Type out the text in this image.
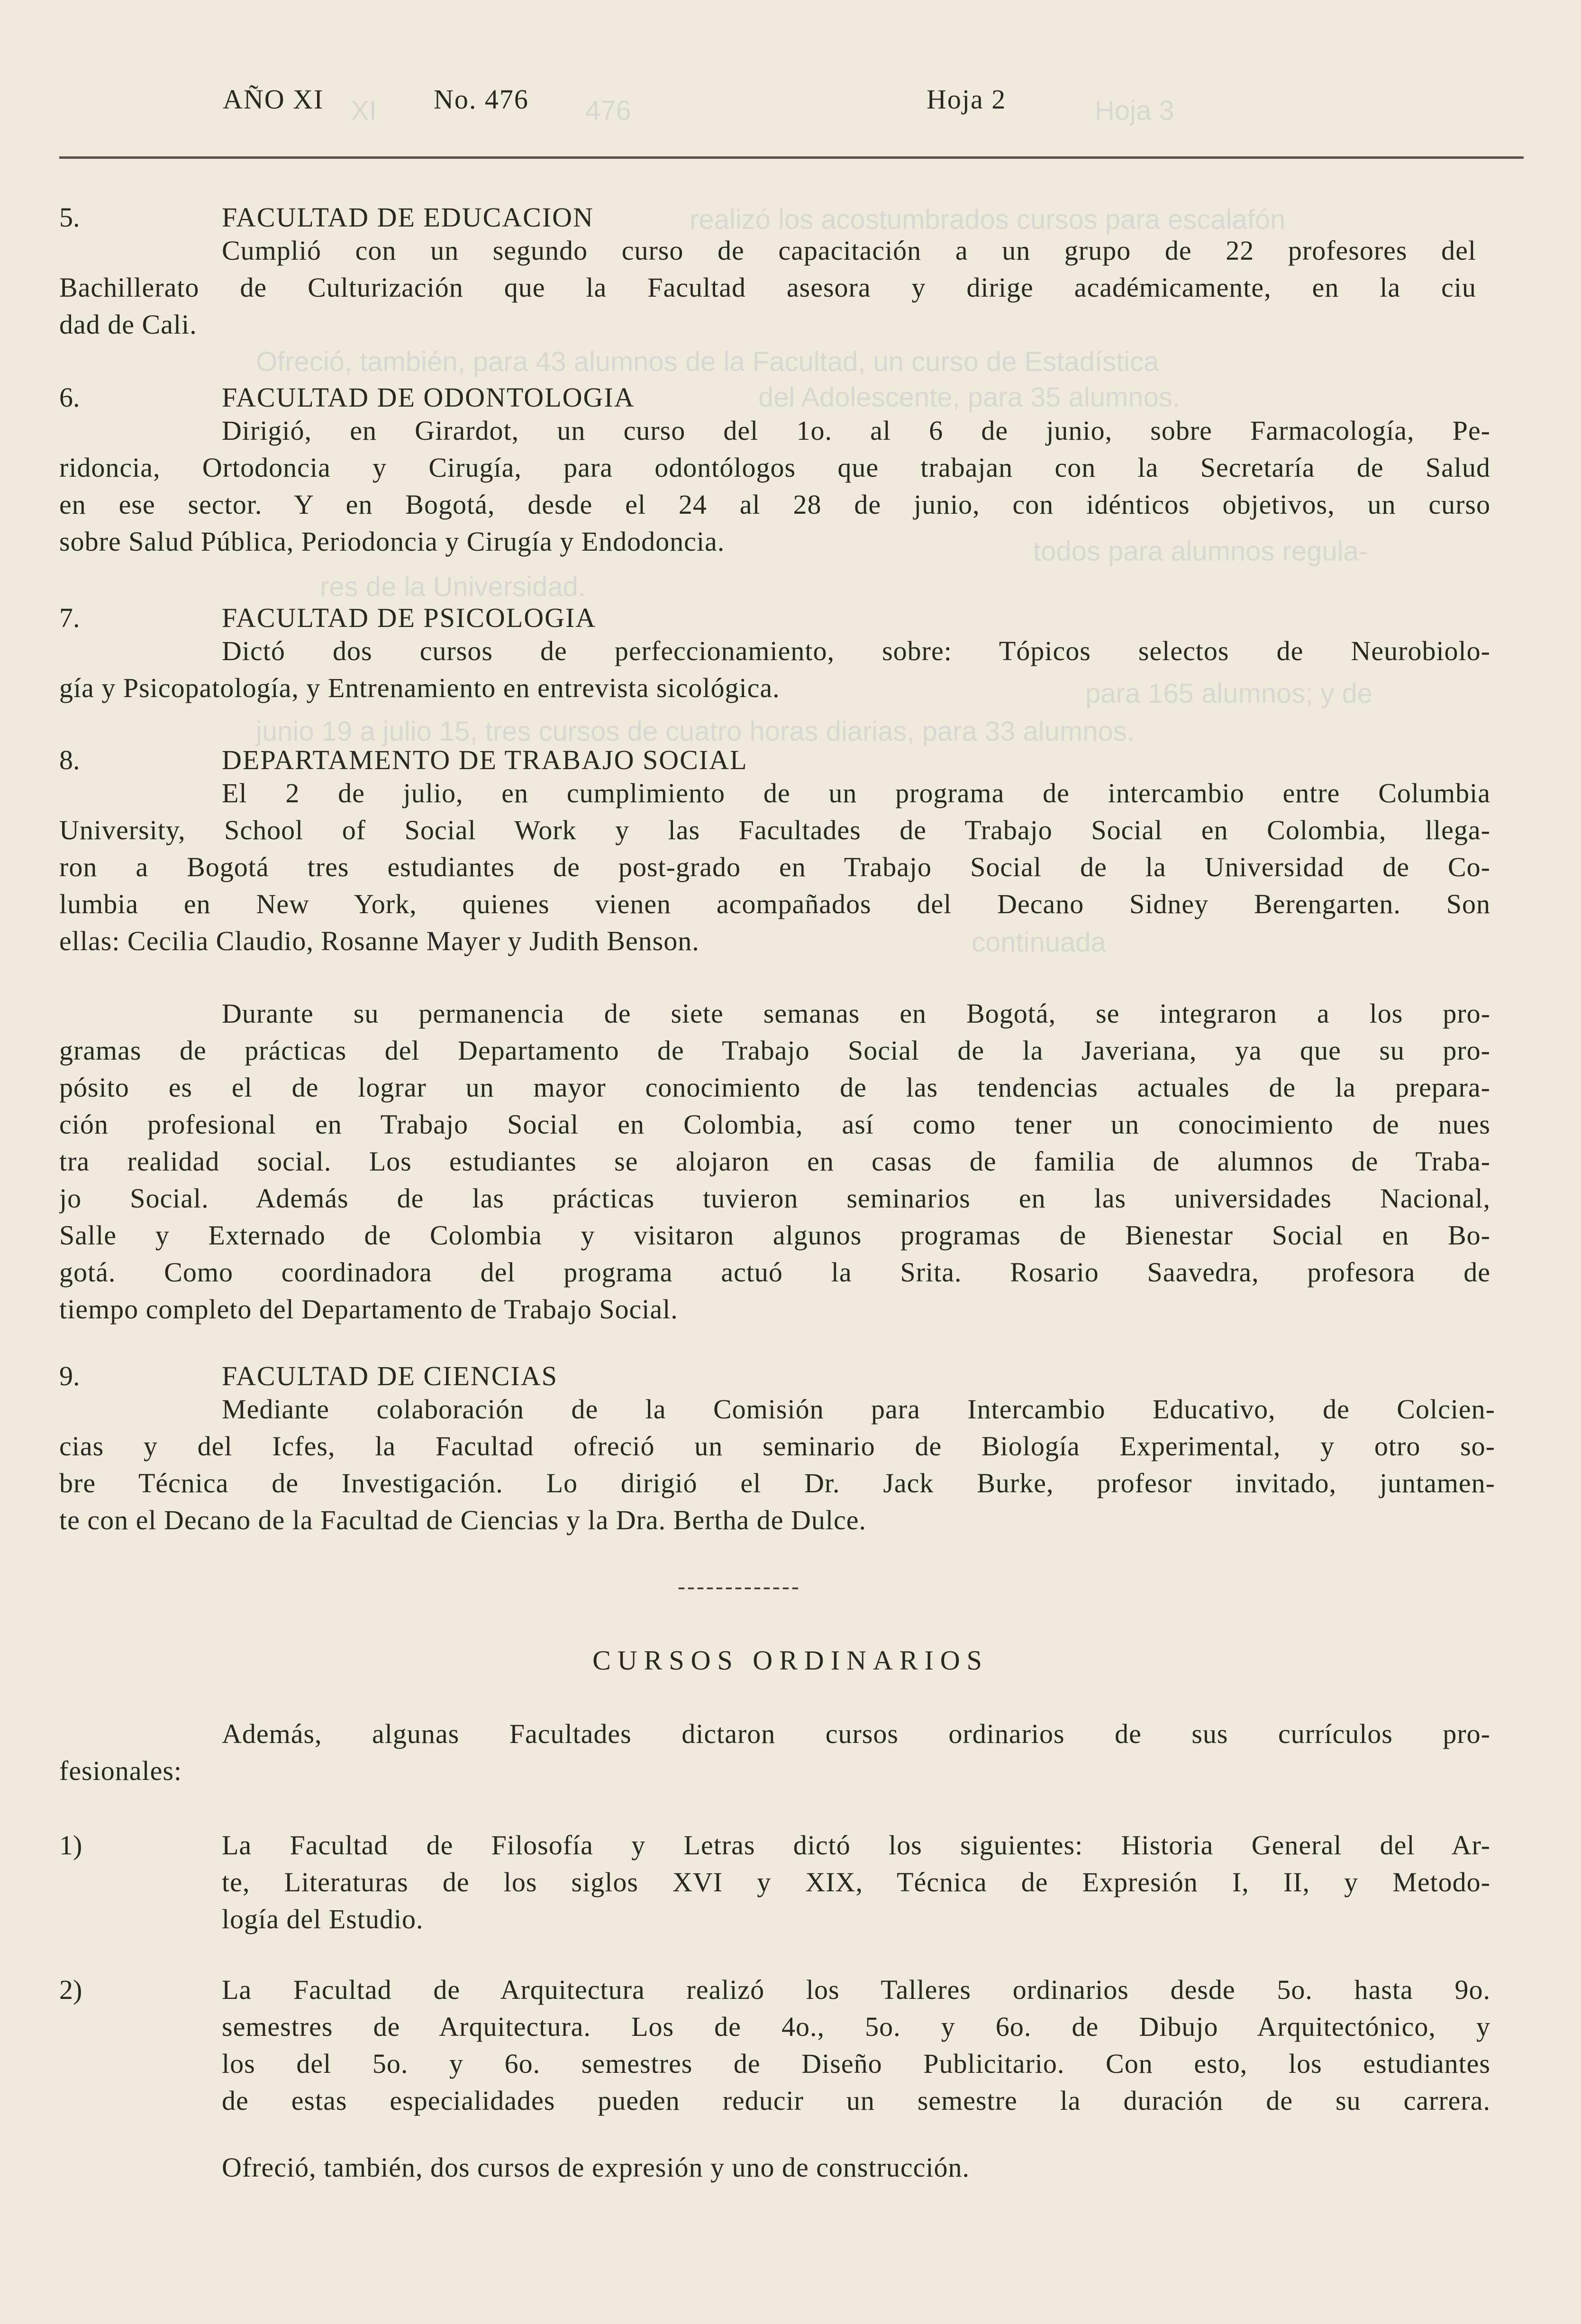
XI	476	Hoja 3
realizó los acostumbrados cursos para escalafón
Ofreció, también, para 43 alumnos de la Facultad, un curso de Estadística
del Adolescente, para 35 alumnos.
todos para alumnos regula-
res de la Universidad.
para 165 alumnos; y de
junio 19 a julio 15, tres cursos de cuatro horas diarias, para 33 alumnos.
continuada
AÑO XI	No. 476	Hoja 2
5.	FACULTAD DE EDUCACION
Cumplió con un segundo curso de capacitación a un grupo de 22 profesores del
Bachillerato de Culturización que la Facultad asesora y dirige académicamente, en la ciu
dad de Cali.
6.	FACULTAD DE ODONTOLOGIA
Dirigió, en Girardot, un curso del 1o. al 6 de junio, sobre Farmacología, Pe-
ridoncia, Ortodoncia y Cirugía, para odontólogos que trabajan con la Secretaría de Salud
en ese sector. Y en Bogotá, desde el 24 al 28 de junio, con idénticos objetivos, un curso
sobre Salud Pública, Periodoncia y Cirugía y Endodoncia.
7.	FACULTAD DE PSICOLOGIA
Dictó dos cursos de perfeccionamiento, sobre: Tópicos selectos de Neurobiolo-
gía y Psicopatología, y Entrenamiento en entrevista sicológica.
8.	DEPARTAMENTO DE TRABAJO SOCIAL
El 2 de julio, en cumplimiento de un programa de intercambio entre Columbia
University, School of Social Work y las Facultades de Trabajo Social en Colombia, llega-
ron a Bogotá tres estudiantes de post-grado en Trabajo Social de la Universidad de Co-
lumbia en New York, quienes vienen acompañados del Decano Sidney Berengarten. Son
ellas: Cecilia Claudio, Rosanne Mayer y Judith Benson.
Durante su permanencia de siete semanas en Bogotá, se integraron a los pro-
gramas de prácticas del Departamento de Trabajo Social de la Javeriana, ya que su pro-
pósito es el de lograr un mayor conocimiento de las tendencias actuales de la prepara-
ción profesional en Trabajo Social en Colombia, así como tener un conocimiento de nues
tra realidad social. Los estudiantes se alojaron en casas de familia de alumnos de Traba-
jo Social. Además de las prácticas tuvieron seminarios en las universidades Nacional,
Salle y Externado de Colombia y visitaron algunos programas de Bienestar Social en Bo-
gotá. Como coordinadora del programa actuó la Srita. Rosario Saavedra, profesora de
tiempo completo del Departamento de Trabajo Social.
9.	FACULTAD DE CIENCIAS
Mediante colaboración de la Comisión para Intercambio Educativo, de Colcien-
cias y del Icfes, la Facultad ofreció un seminario de Biología Experimental, y otro so-
bre Técnica de Investigación. Lo dirigió el Dr. Jack Burke, profesor invitado, juntamen-
te con el Decano de la Facultad de Ciencias y la Dra. Bertha de Dulce.
-------------
CURSOS ORDINARIOS
Además, algunas Facultades dictaron cursos ordinarios de sus currículos pro-
fesionales:
1)	La Facultad de Filosofía y Letras dictó los siguientes: Historia General del Ar-
te, Literaturas de los siglos XVI y XIX, Técnica de Expresión I, II, y Metodo-
logía del Estudio.
2)	La Facultad de Arquitectura realizó los Talleres ordinarios desde 5o. hasta 9o.
semestres de Arquitectura. Los de 4o., 5o. y 6o. de Dibujo Arquitectónico, y
los del 5o. y 6o. semestres de Diseño Publicitario. Con esto, los estudiantes
de estas especialidades pueden reducir un semestre la duración de su carrera.
Ofreció, también, dos cursos de expresión y uno de construcción.
